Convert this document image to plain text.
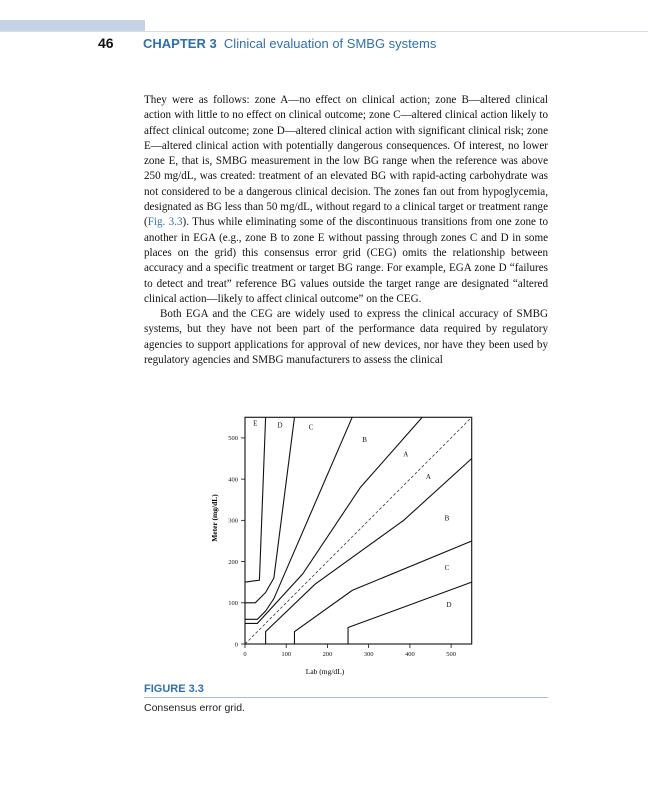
46 CHAPTER 3 Clinical evaluation of SMBG systems

They were as follows: zone A—no effect on clinical action; zone B—altered clinical action with little to no effect on clinical outcome; zone C—altered clinical action likely to affect clinical outcome; zone D—altered clinical action with significant clinical risk; zone E—altered clinical action with potentially dangerous consequences. Of interest, no lower zone E, that is, SMBG measurement in the low BG range when the reference was above 250 mg/dL, was created: treatment of an elevated BG with rapid-acting carbohydrate was not considered to be a dangerous clinical decision. The zones fan out from hypoglycemia, designated as BG less than 50 mg/dL, without regard to a clinical target or treatment range (Fig. 3.3). Thus while eliminating some of the discontinuous transitions from one zone to another in EGA (e.g., zone B to zone E without passing through zones C and D in some places on the grid) this consensus error grid (CEG) omits the relationship between accuracy and a specific treatment or target BG range. For example, EGA zone D “failures to detect and treat” reference BG values outside the target range are designated “altered clinical action—likely to affect clinical outcome” on the CEG.

Both EGA and the CEG are widely used to express the clinical accuracy of SMBG systems, but they have not been part of the performance data required by regulatory agencies to support applications for approval of new devices, nor have they been used by regulatory agencies and SMBG manufacturers to assess the clinical

0	100	200	300	400	500
0
100
200
300
400
500
E	D	C
B
A
A
B
C
D
Lab (mg/dL)
Meter (mg/dL)
FIGURE 3.3
Consensus error grid.
